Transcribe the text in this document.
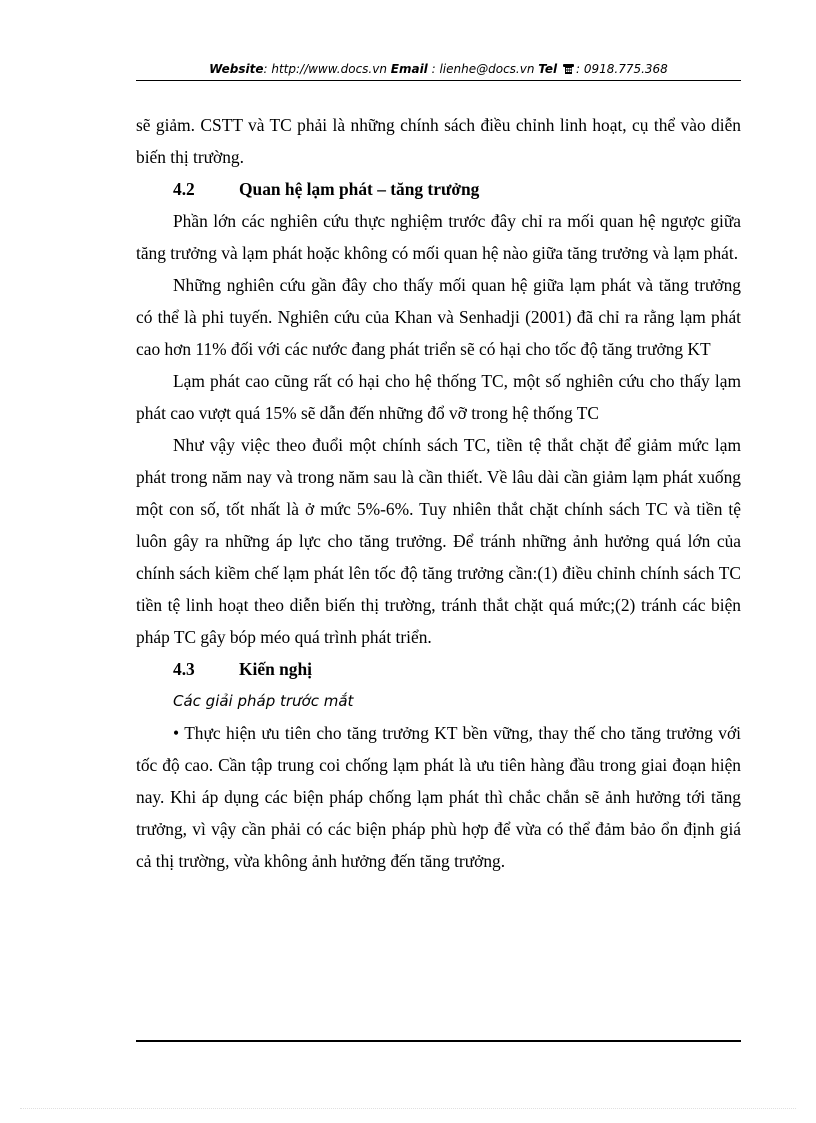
Website: http://www.docs.vn Email : lienhe@docs.vn Tel : 0918.775.368

sẽ giảm. CSTT và TC phải là những chính sách điều chỉnh linh hoạt, cụ thể vào diễn biến thị trường.

4.2	Quan hệ lạm phát – tăng trưởng

Phần lớn các nghiên cứu thực nghiệm trước đây chỉ ra mối quan hệ ngược giữa tăng trưởng và lạm phát hoặc không có mối quan hệ nào giữa tăng trưởng và lạm phát.

Những nghiên cứu gần đây cho thấy mối quan hệ giữa lạm phát và tăng trưởng có thể là phi tuyến. Nghiên cứu của Khan và Senhadji (2001) đã chỉ ra rằng lạm phát cao hơn 11% đối với các nước đang phát triển sẽ có hại cho tốc độ tăng trưởng KT

Lạm phát cao cũng rất có hại cho hệ thống TC, một số nghiên cứu cho thấy lạm phát cao vượt quá 15% sẽ dẫn đến những đổ vỡ trong hệ thống TC

Như vậy việc theo đuổi một chính sách TC, tiền tệ thắt chặt để giảm mức lạm phát trong năm nay và trong năm sau là cần thiết. Về lâu dài cần giảm lạm phát xuống một con số, tốt nhất là ở mức 5%-6%. Tuy nhiên thắt chặt chính sách TC và tiền tệ luôn gây ra những áp lực cho tăng trưởng. Để tránh những ảnh hưởng quá lớn của chính sách kiềm chế lạm phát lên tốc độ tăng trưởng cần:(1) điều chỉnh chính sách TC tiền tệ linh hoạt theo diễn biến thị trường, tránh thắt chặt quá mức;(2) tránh các biện pháp TC gây bóp méo quá trình phát triển.

4.3	Kiến nghị

Các giải pháp trước mắt

• Thực hiện ưu tiên cho tăng trưởng KT bền vững, thay thế cho tăng trưởng với tốc độ cao. Cần tập trung coi chống lạm phát là ưu tiên hàng đầu trong giai đoạn hiện nay. Khi áp dụng các biện pháp chống lạm phát thì chắc chắn sẽ ảnh hưởng tới tăng trưởng, vì vậy cần phải có các biện pháp phù hợp để vừa có thể đảm bảo ổn định giá cả thị trường, vừa không ảnh hưởng đến tăng trưởng.
